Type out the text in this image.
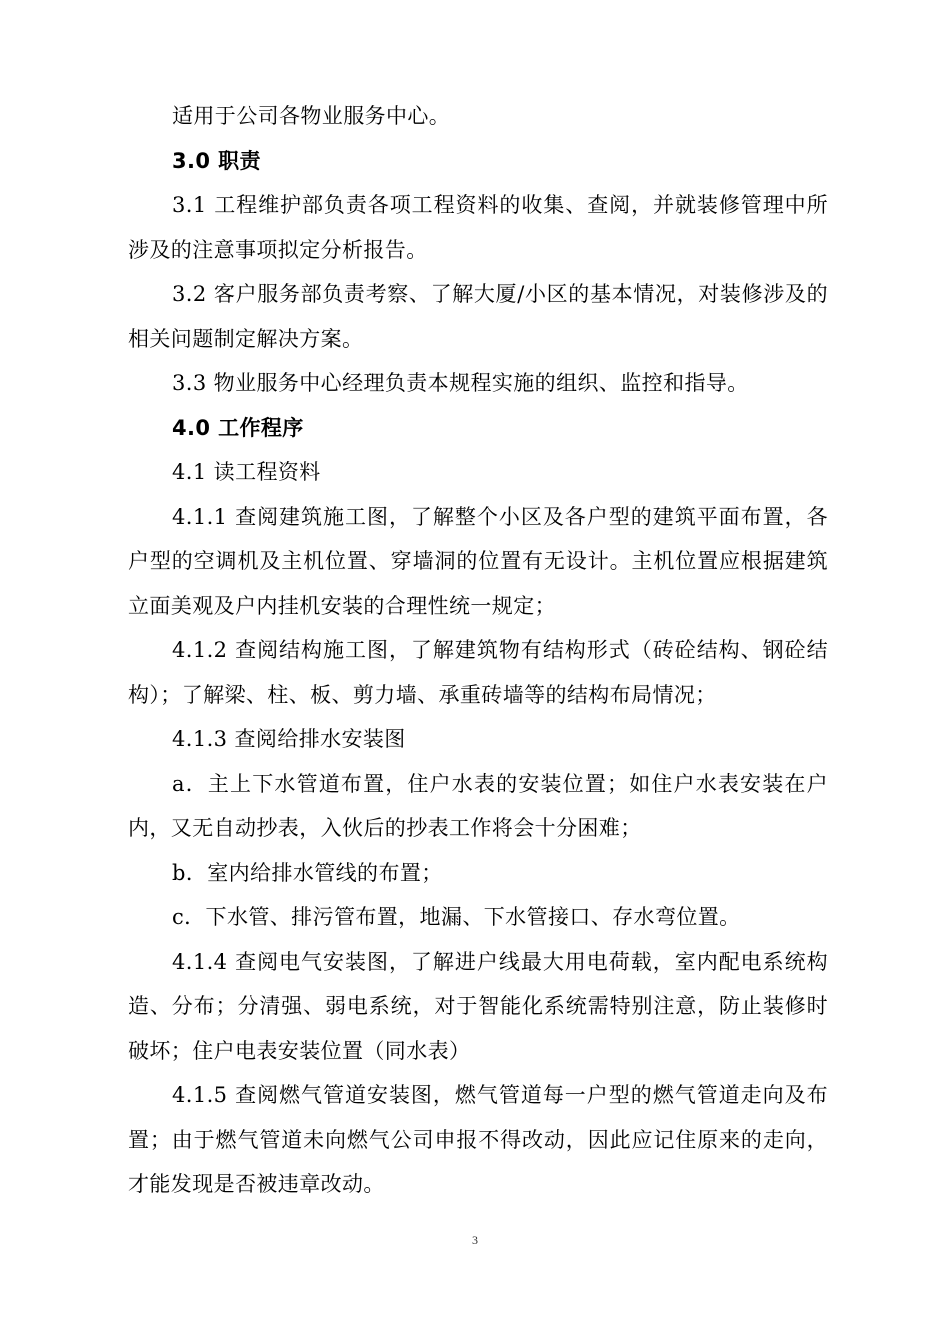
适用于公司各物业服务中心。

3.0 职责

3.1 工程维护部负责各项工程资料的收集、查阅，并就装修管理中所涉及的注意事项拟定分析报告。

3.2 客户服务部负责考察、了解大厦/小区的基本情况，对装修涉及的相关问题制定解决方案。

3.3 物业服务中心经理负责本规程实施的组织、监控和指导。

4.0 工作程序

4.1 读工程资料

4.1.1 查阅建筑施工图，了解整个小区及各户型的建筑平面布置，各户型的空调机及主机位置、穿墙洞的位置有无设计。主机位置应根据建筑立面美观及户内挂机安装的合理性统一规定；

4.1.2 查阅结构施工图，了解建筑物有结构形式（砖砼结构、钢砼结构）；了解梁、柱、板、剪力墙、承重砖墙等的结构布局情况；

4.1.3 查阅给排水安装图

a．主上下水管道布置，住户水表的安装位置；如住户水表安装在户内，又无自动抄表，入伙后的抄表工作将会十分困难；

b．室内给排水管线的布置；

c．下水管、排污管布置，地漏、下水管接口、存水弯位置。

4.1.4 查阅电气安装图，了解进户线最大用电荷载，室内配电系统构造、分布；分清强、弱电系统，对于智能化系统需特别注意，防止装修时破坏；住户电表安装位置（同水表）

4.1.5 查阅燃气管道安装图，燃气管道每一户型的燃气管道走向及布置；由于燃气管道未向燃气公司申报不得改动，因此应记住原来的走向，才能发现是否被违章改动。

3
